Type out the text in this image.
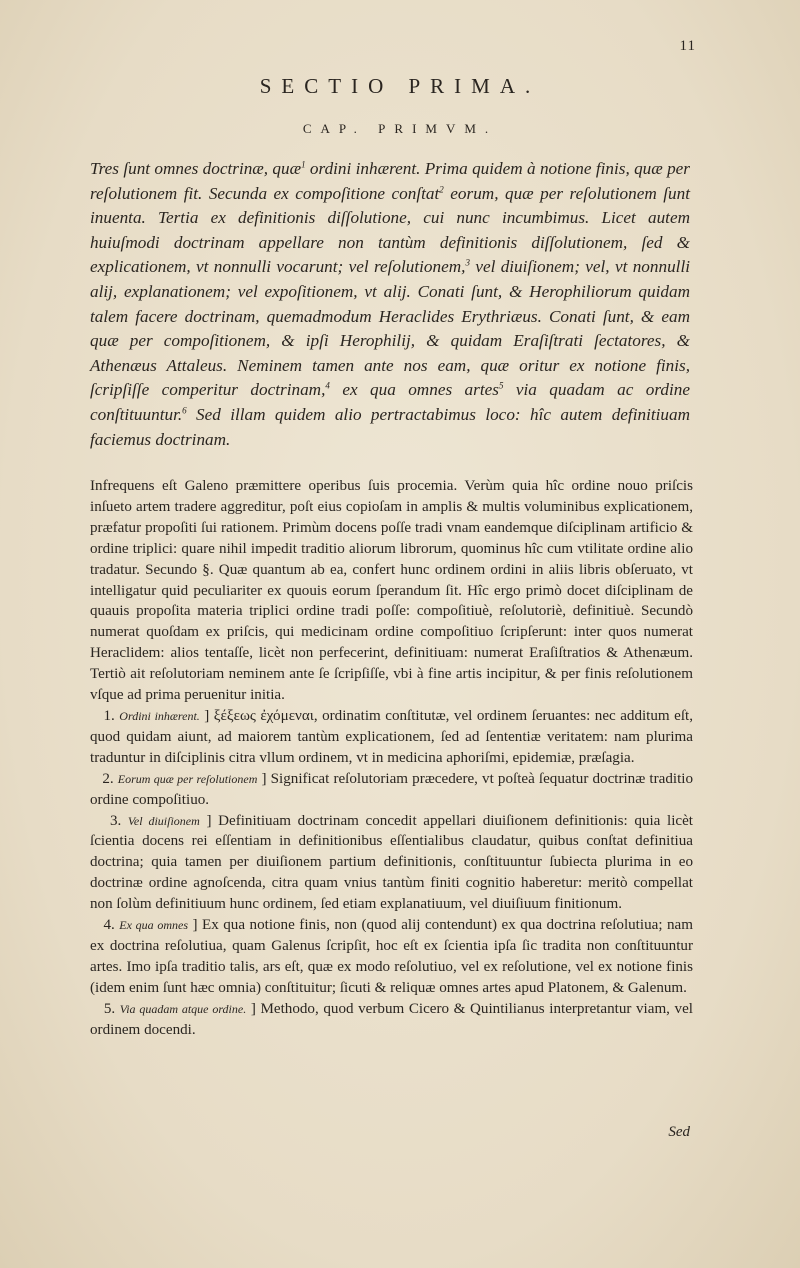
11
SECTIO PRIMA.
CAP. PRIMVM.
Tres ſunt omnes doctrinæ, quæ$^1$ ordini inhærent. Prima quidem à notione finis, quæ per reſolutionem fit. Secunda ex compoſitione conſtat$^2$ eorum, quæ per reſolutionem ſunt inuenta. Tertia ex definitionis diſſolutione, cui nunc incumbimus. Licet autem huiuſmodi doctrinam appellare non tantùm definitionis diſſolutionem, ſed & explicationem, vt nonnulli vocarunt; vel reſolutionem,$^3$ vel diuiſionem; vel, vt nonnulli alij, explanationem; vel expoſitionem, vt alij. Conati ſunt, & Herophiliorum quidam talem facere doctrinam, quemadmodum Heraclides Erythriæus. Conati ſunt, & eam quæ per compoſitionem, & ipſi Herophilij, & quidam Eraſiſtrati ſectatores, & Athenæus Attaleus. Neminem tamen ante nos eam, quæ oritur ex notione finis, ſcripſiſſe comperitur doctrinam,$^4$ ex qua omnes artes$^5$ via quadam ac ordine conſtituuntur.$^6$ Sed illam quidem alio pertractabimus loco: hîc autem definitiuam faciemus doctrinam.

Infrequens eſt Galeno præmittere operibus ſuis procemia. Verùm quia hîc ordine nouo priſcis inſueto artem tradere aggreditur, poſt eius copioſam in amplis & multis voluminibus explicationem, præfatur propoſiti ſui rationem. Primùm docens poſſe tradi vnam eandemque diſciplinam artificio & ordine triplici: quare nihil impedit traditio aliorum librorum, quominus hîc cum vtilitate ordine alio tradatur. Secundo §. Quæ quantum ab ea, confert hunc ordinem ordini in aliis libris obſeruato, vt intelligatur quid peculiariter ex quouis eorum ſperandum ſit. Hîc ergo primò docet diſciplinam de quauis propoſita materia triplici ordine tradi poſſe: compoſitiuè, reſolutoriè, definitiuè. Secundò numerat quoſdam ex priſcis, qui medicinam ordine compoſitiuo ſcripſerunt: inter quos numerat Heraclidem: alios tentaſſe, licèt non perfecerint, definitiuam: numerat Eraſiſtratios & Athenæum. Tertiò ait reſolutoriam neminem ante ſe ſcripſiſſe, vbi à fine artis incipitur, & per finis reſolutionem vſque ad prima peruenitur initia.

1. Ordini inhærent. ] ξέξεως ἐχόμεναι, ordinatim conſtitutæ, vel ordinem ſeruantes: nec additum eſt, quod quidam aiunt, ad maiorem tantùm explicationem, ſed ad ſententiæ veritatem: nam plurima traduntur in diſciplinis citra vllum ordinem, vt in medicina aphoriſmi, epidemiæ, præſagia.

2. Eorum quæ per reſolutionem ] Significat reſolutoriam præcedere, vt poſteà ſequatur doctrinæ traditio ordine compoſitiuo.

3. Vel diuiſionem ] Definitiuam doctrinam concedit appellari diuiſionem definitionis: quia licèt ſcientia docens rei eſſentiam in definitionibus eſſentialibus claudatur, quibus conſtat definitiua doctrina; quia tamen per diuiſionem partium definitionis, conſtituuntur ſubiecta plurima in eo doctrinæ ordine agnoſcenda, citra quam vnius tantùm finiti cognitio haberetur: meritò compellat non ſolùm definitiuum hunc ordinem, ſed etiam explanatiuum, vel diuiſiuum finitionum.

4. Ex qua omnes ] Ex qua notione finis, non (quod alij contendunt) ex qua doctrina reſolutiua; nam ex doctrina reſolutiua, quam Galenus ſcripſit, hoc eſt ex ſcientia ipſa ſic tradita non conſtituuntur artes. Imo ipſa traditio talis, ars eſt, quæ ex modo reſolutiuo, vel ex reſolutione, vel ex notione finis (idem enim ſunt hæc omnia) conſtituitur; ſicuti & reliquæ omnes artes apud Platonem, & Galenum.

5. Via quadam atque ordine. ] Methodo, quod verbum Cicero & Quintilianus interpretantur viam, vel ordinem docendi.

Sed
